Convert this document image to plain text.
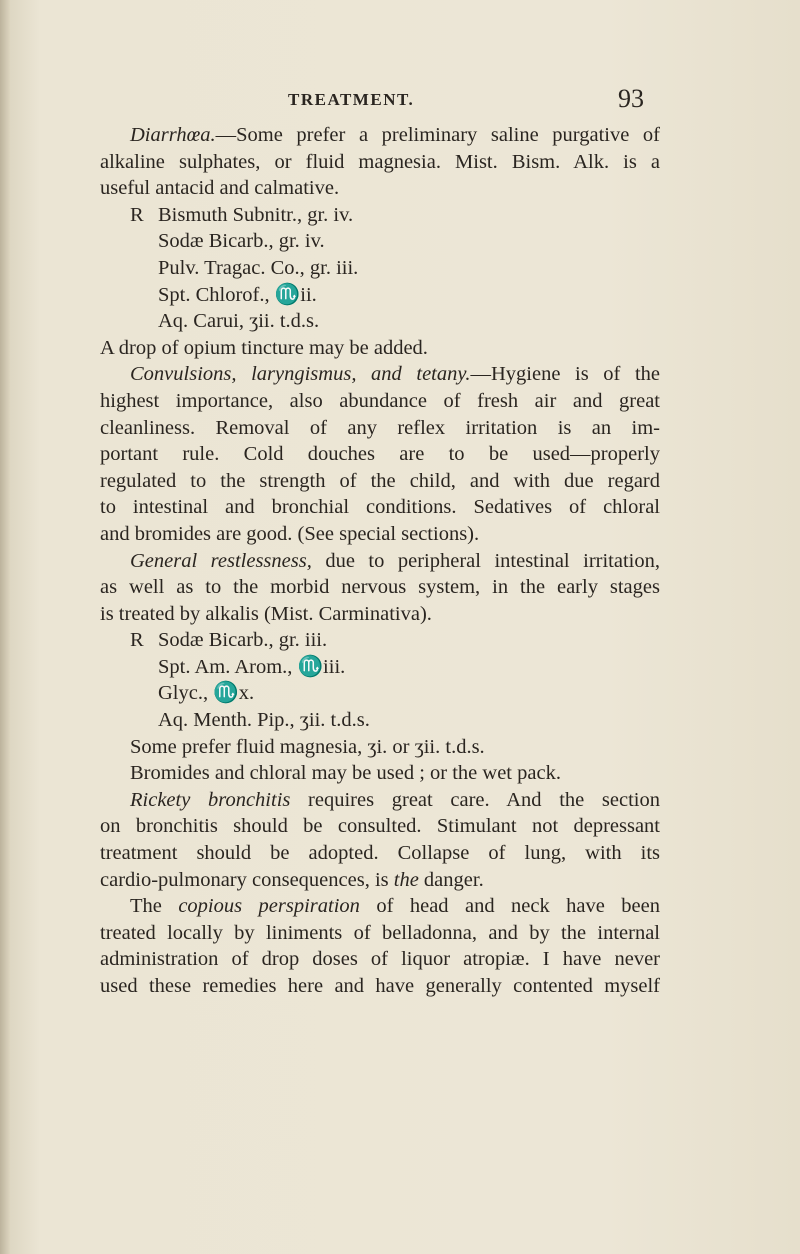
TREATMENT.	93
Diarrhœa.—Some prefer a preliminary saline purgative of
alkaline sulphates, or fluid magnesia. Mist. Bism. Alk. is a
useful antacid and calmative.
R Bismuth Subnitr., gr. iv.
Sodæ Bicarb., gr. iv.
Pulv. Tragac. Co., gr. iii.
Spt. Chlorof., ♏ii.
Aq. Carui, ʒii. t.d.s.
A drop of opium tincture may be added.
Convulsions, laryngismus, and tetany.—Hygiene is of the
highest importance, also abundance of fresh air and great
cleanliness. Removal of any reflex irritation is an im-
portant rule. Cold douches are to be used—properly
regulated to the strength of the child, and with due regard
to intestinal and bronchial conditions. Sedatives of chloral
and bromides are good. (See special sections).
General restlessness, due to peripheral intestinal irritation,
as well as to the morbid nervous system, in the early stages
is treated by alkalis (Mist. Carminativa).
R Sodæ Bicarb., gr. iii.
Spt. Am. Arom., ♏iii.
Glyc., ♏x.
Aq. Menth. Pip., ʒii. t.d.s.
Some prefer fluid magnesia, ʒi. or ʒii. t.d.s.
Bromides and chloral may be used ; or the wet pack.
Rickety bronchitis requires great care. And the section
on bronchitis should be consulted. Stimulant not depressant
treatment should be adopted. Collapse of lung, with its
cardio-pulmonary consequences, is the danger.
The copious perspiration of head and neck have been
treated locally by liniments of belladonna, and by the internal
administration of drop doses of liquor atropiæ. I have never
used these remedies here and have generally contented myself
